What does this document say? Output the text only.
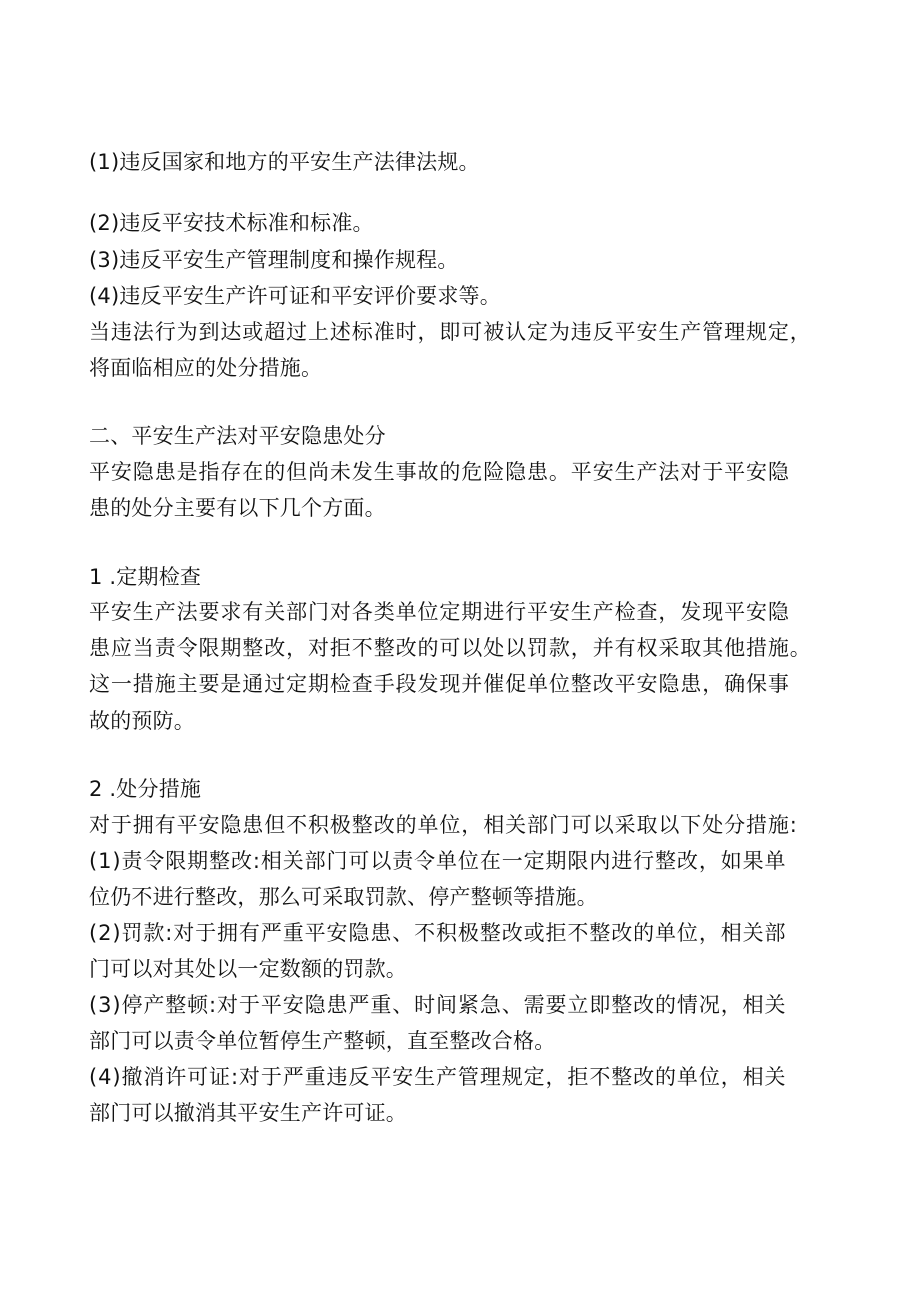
(1)违反国家和地方的平安生产法律法规。
(2)违反平安技术标准和标准。
(3)违反平安生产管理制度和操作规程。
(4)违反平安生产许可证和平安评价要求等。
当违法行为到达或超过上述标准时，即可被认定为违反平安生产管理规定，
将面临相应的处分措施。
二、平安生产法对平安隐患处分
平安隐患是指存在的但尚未发生事故的危险隐患。平安生产法对于平安隐
患的处分主要有以下几个方面。
1 .定期检查
平安生产法要求有关部门对各类单位定期进行平安生产检查，发现平安隐
患应当责令限期整改，对拒不整改的可以处以罚款，并有权采取其他措施。
这一措施主要是通过定期检查手段发现并催促单位整改平安隐患，确保事
故的预防。
2 .处分措施
对于拥有平安隐患但不积极整改的单位，相关部门可以采取以下处分措施:
(1)责令限期整改:相关部门可以责令单位在一定期限内进行整改，如果单
位仍不进行整改，那么可采取罚款、停产整顿等措施。
(2)罚款:对于拥有严重平安隐患、不积极整改或拒不整改的单位，相关部
门可以对其处以一定数额的罚款。
(3)停产整顿:对于平安隐患严重、时间紧急、需要立即整改的情况，相关
部门可以责令单位暂停生产整顿，直至整改合格。
(4)撤消许可证:对于严重违反平安生产管理规定，拒不整改的单位，相关
部门可以撤消其平安生产许可证。
